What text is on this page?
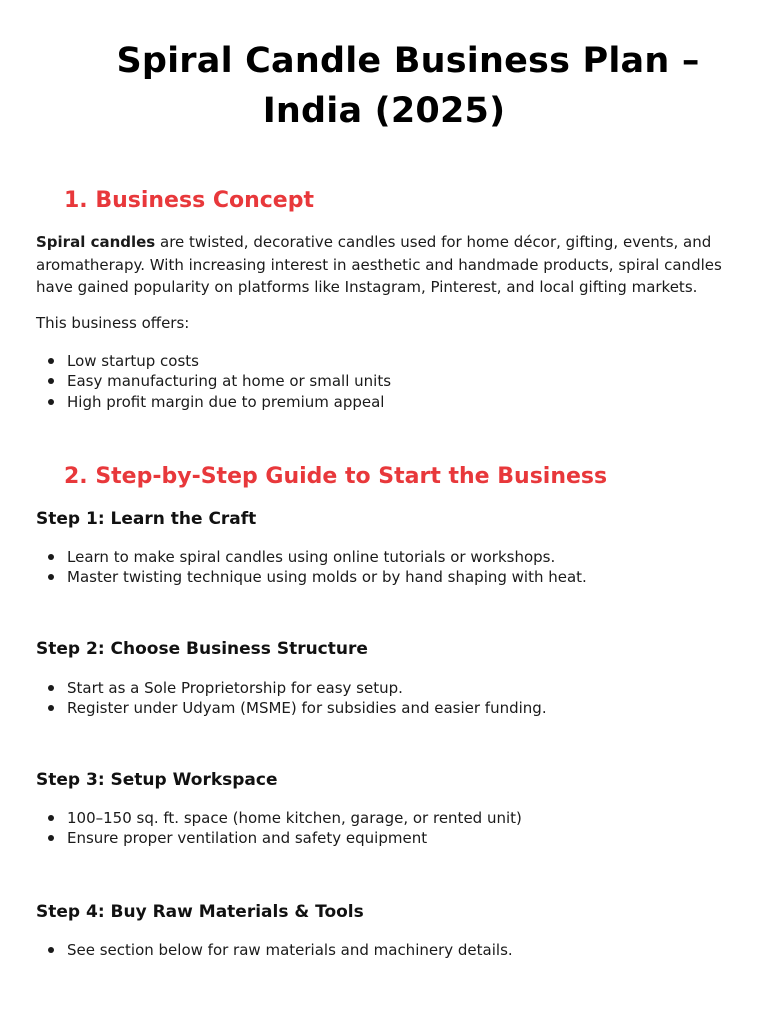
Spiral Candle Business Plan –
India (2025)
1. Business Concept

Spiral candles are twisted, decorative candles used for home décor, gifting, events, and aromatherapy. With increasing interest in aesthetic and handmade products, spiral candles have gained popularity on platforms like Instagram, Pinterest, and local gifting markets.

This business offers:

Low startup costs
Easy manufacturing at home or small units
High profit margin due to premium appeal
2. Step-by-Step Guide to Start the Business
Step 1: Learn the Craft
Learn to make spiral candles using online tutorials or workshops.
Master twisting technique using molds or by hand shaping with heat.
Step 2: Choose Business Structure
Start as a Sole Proprietorship for easy setup.
Register under Udyam (MSME) for subsidies and easier funding.
Step 3: Setup Workspace
100–150 sq. ft. space (home kitchen, garage, or rented unit)
Ensure proper ventilation and safety equipment
Step 4: Buy Raw Materials & Tools
See section below for raw materials and machinery details.
